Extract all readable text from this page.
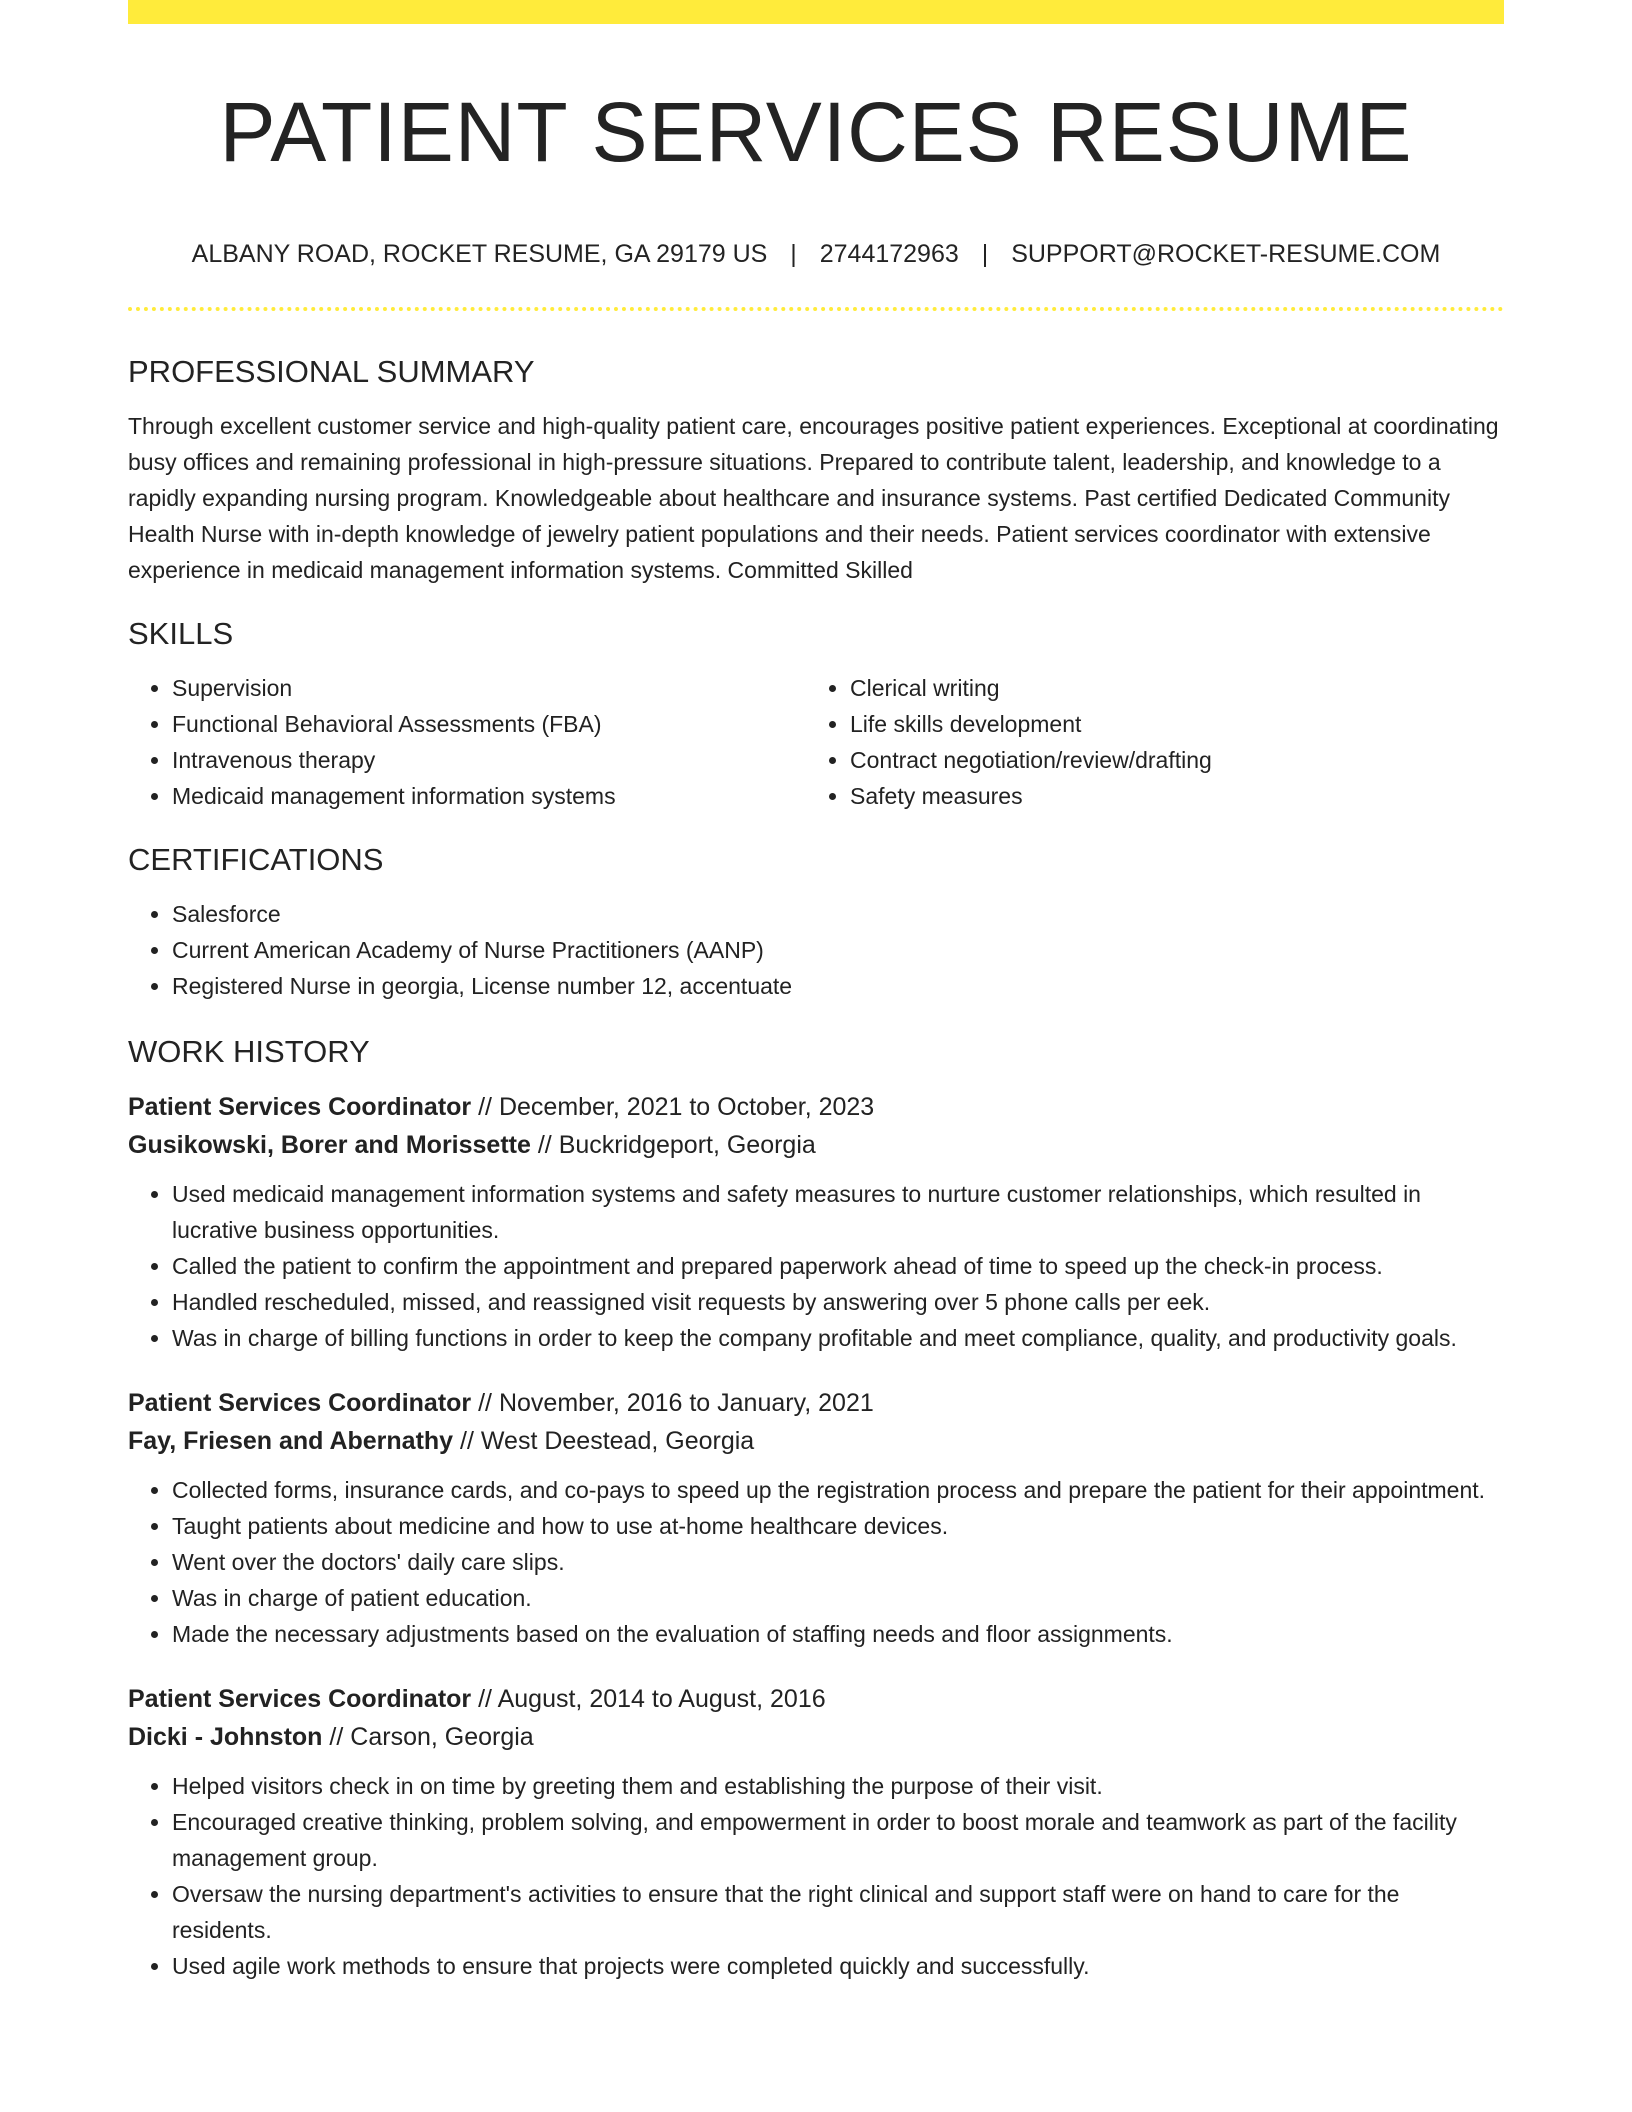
PATIENT SERVICES RESUME
ALBANY ROAD, ROCKET RESUME, GA 29179 US | 2744172963 | SUPPORT@ROCKET-RESUME.COM
PROFESSIONAL SUMMARY

Through excellent customer service and high-quality patient care, encourages positive patient experiences. Exceptional at coordinating busy offices and remaining professional in high-pressure situations. Prepared to contribute talent, leadership, and knowledge to a rapidly expanding nursing program. Knowledgeable about healthcare and insurance systems. Past certified Dedicated Community Health Nurse with in-depth knowledge of jewelry patient populations and their needs. Patient services coordinator with extensive experience in medicaid management information systems. Committed Skilled

SKILLS
• Supervision
• Functional Behavioral Assessments (FBA)
• Intravenous therapy
• Medicaid management information systems
• Clerical writing
• Life skills development
• Contract negotiation/review/drafting
• Safety measures
CERTIFICATIONS
• Salesforce
• Current American Academy of Nurse Practitioners (AANP)
• Registered Nurse in georgia, License number 12, accentuate
WORK HISTORY
Patient Services Coordinator // December, 2021 to October, 2023
Gusikowski, Borer and Morissette // Buckridgeport, Georgia
• Used medicaid management information systems and safety measures to nurture customer relationships, which resulted in lucrative business opportunities.
• Called the patient to confirm the appointment and prepared paperwork ahead of time to speed up the check-in process.
• Handled rescheduled, missed, and reassigned visit requests by answering over 5 phone calls per eek.
• Was in charge of billing functions in order to keep the company profitable and meet compliance, quality, and productivity goals.
Patient Services Coordinator // November, 2016 to January, 2021
Fay, Friesen and Abernathy // West Deestead, Georgia
• Collected forms, insurance cards, and co-pays to speed up the registration process and prepare the patient for their appointment.
• Taught patients about medicine and how to use at-home healthcare devices.
• Went over the doctors' daily care slips.
• Was in charge of patient education.
• Made the necessary adjustments based on the evaluation of staffing needs and floor assignments.
Patient Services Coordinator // August, 2014 to August, 2016
Dicki - Johnston // Carson, Georgia
• Helped visitors check in on time by greeting them and establishing the purpose of their visit.
• Encouraged creative thinking, problem solving, and empowerment in order to boost morale and teamwork as part of the facility management group.
• Oversaw the nursing department's activities to ensure that the right clinical and support staff were on hand to care for the residents.
• Used agile work methods to ensure that projects were completed quickly and successfully.
